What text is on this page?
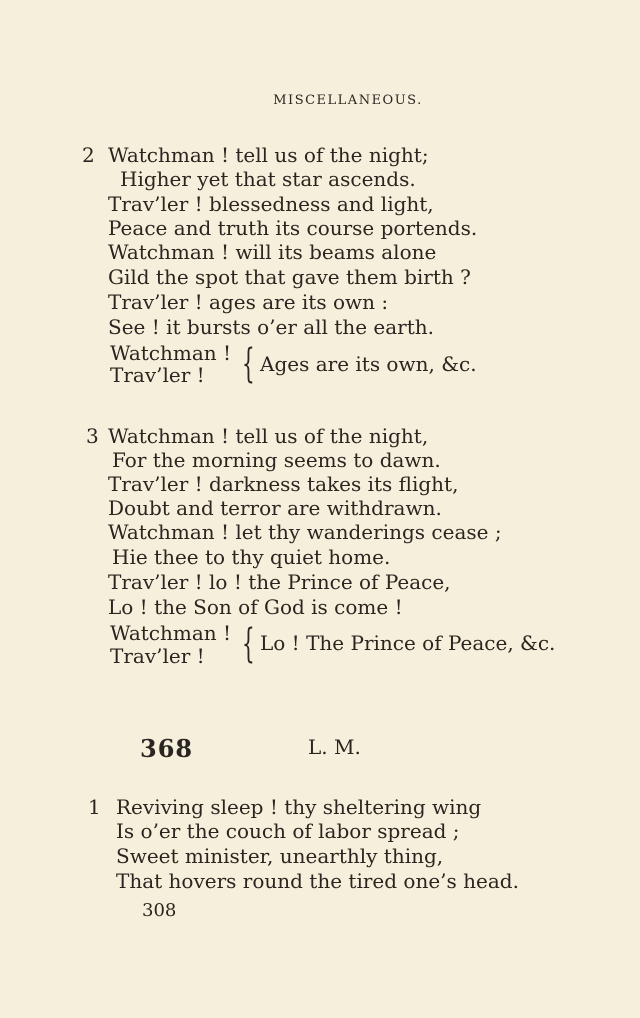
MISCELLANEOUS.
2 Watchman ! tell us of the night;
Higher yet that star ascends.
Trav’ler ! blessedness and light,
Peace and truth its course portends.
Watchman ! will its beams alone
Gild the spot that gave them birth ?
Trav’ler ! ages are its own :
See ! it bursts o’er all the earth.
Watchman !
Trav’ler ! { Ages are its own, &c.
3 Watchman ! tell us of the night,
For the morning seems to dawn.
Trav’ler ! darkness takes its flight,
Doubt and terror are withdrawn.
Watchman ! let thy wanderings cease ;
Hie thee to thy quiet home.
Trav’ler ! lo ! the Prince of Peace,
Lo ! the Son of God is come !
Watchman !
Trav’ler ! { Lo ! The Prince of Peace, &c.
368	L. M.
1 Reviving sleep ! thy sheltering wing
Is o’er the couch of labor spread ;
Sweet minister, unearthly thing,
That hovers round the tired one’s head.
308
